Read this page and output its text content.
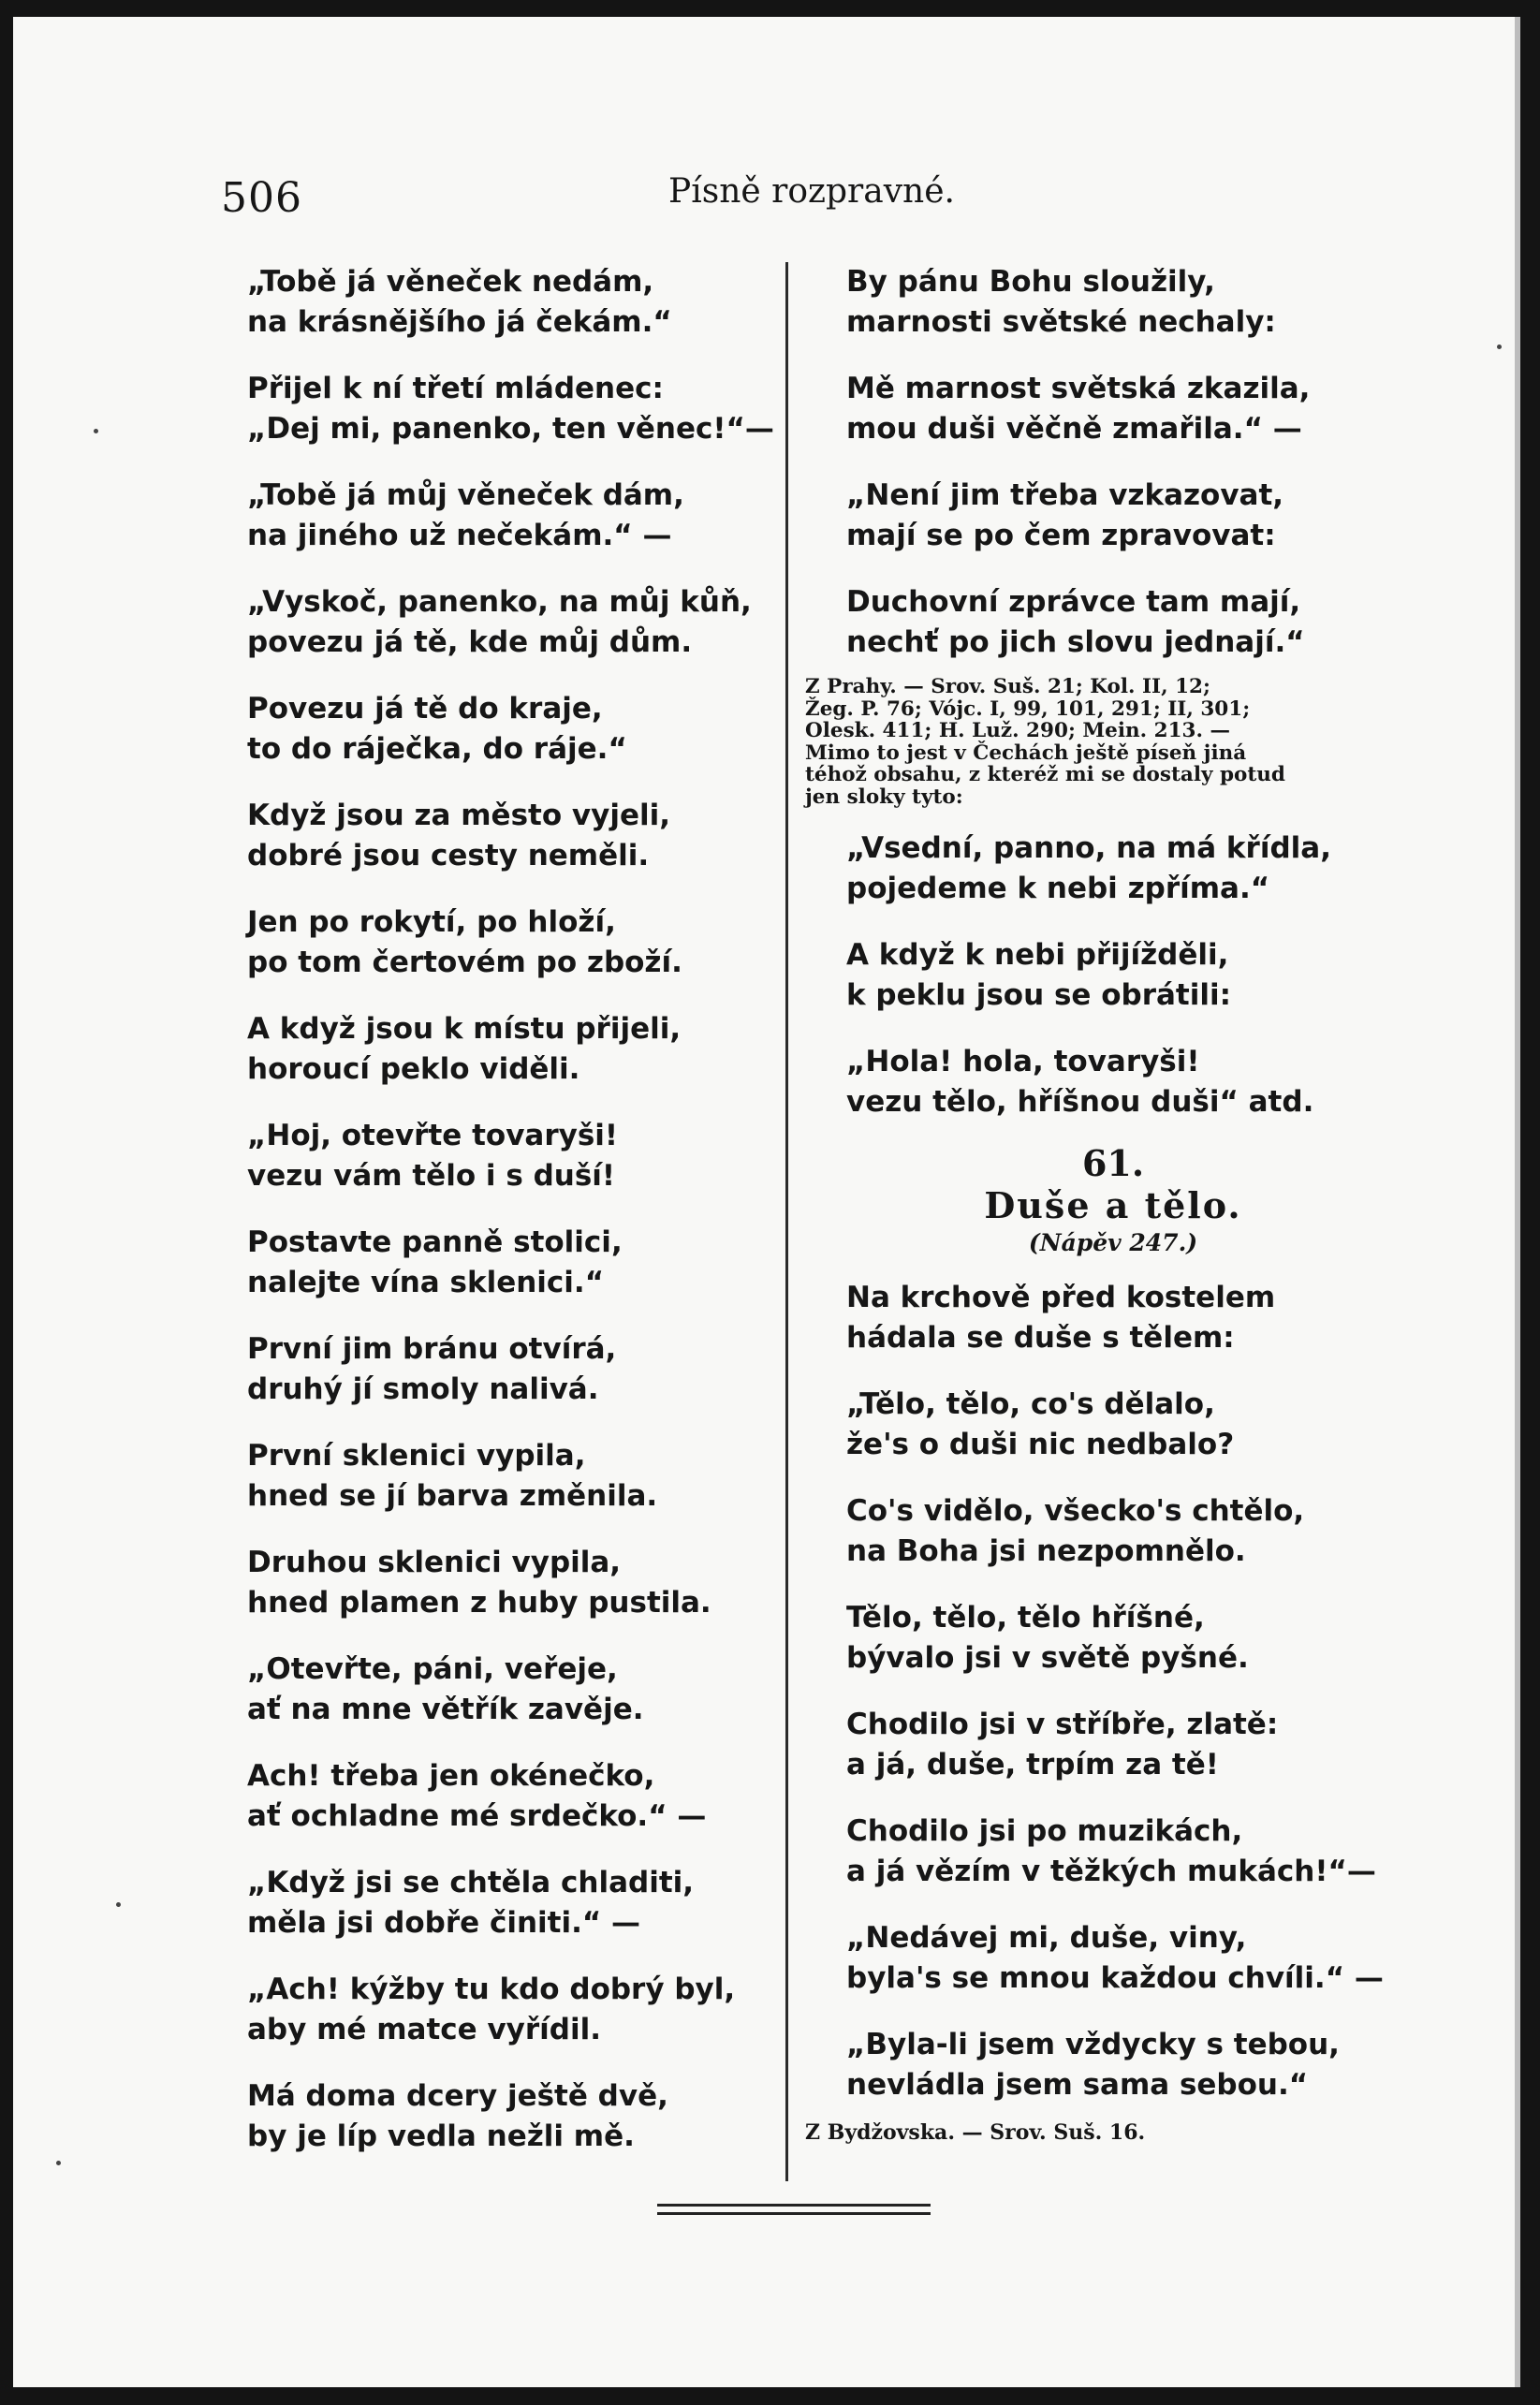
506	Písně rozpravné.
„Tobě já věneček nedám,
na krásnějšího já čekám.“
Přijel k ní třetí mládenec:
„Dej mi, panenko, ten věnec!“—
„Tobě já můj věneček dám,
na jiného už nečekám.“ —
„Vyskoč, panenko, na můj kůň,
povezu já tě, kde můj dům.
Povezu já tě do kraje,
to do ráječka, do ráje.“
Když jsou za město vyjeli,
dobré jsou cesty neměli.
Jen po rokytí, po hloží,
po tom čertovém po zboží.
A když jsou k místu přijeli,
horoucí peklo viděli.
„Hoj, otevřte tovaryši!
vezu vám tělo i s duší!
Postavte panně stolici,
nalejte vína sklenici.“
První jim bránu otvírá,
druhý jí smoly nalivá.
První sklenici vypila,
hned se jí barva změnila.
Druhou sklenici vypila,
hned plamen z huby pustila.
„Otevřte, páni, veřeje,
ať na mne větřík zavěje.
Ach! třeba jen okénečko,
ať ochladne mé srdečko.“ —
„Když jsi se chtěla chladiti,
měla jsi dobře činiti.“ —
„Ach! kýžby tu kdo dobrý byl,
aby mé matce vyřídil.
Má doma dcery ještě dvě,
by je líp vedla nežli mě.
By pánu Bohu sloužily,
marnosti světské nechaly:
Mě marnost světská zkazila,
mou duši věčně zmařila.“ —
„Není jim třeba vzkazovat,
mají se po čem zpravovat:
Duchovní zprávce tam mají,
nechť po jich slovu jednají.“
Z Prahy. — Srov. Suš. 21; Kol. II, 12;
Žeg. P. 76; Vójc. I, 99, 101, 291; II, 301;
Olesk. 411; H. Luž. 290; Mein. 213. —
Mimo to jest v Čechách ještě píseň jiná
téhož obsahu, z kteréž mi se dostaly potud
jen sloky tyto:
„Vsední, panno, na má křídla,
pojedeme k nebi zpříma.“
A když k nebi přijížděli,
k peklu jsou se obrátili:
„Hola! hola, tovaryši!
vezu tělo, hříšnou duši“ atd.
61.
Duše a tělo.
(Nápěv 247.)
Na krchově před kostelem
hádala se duše s tělem:
„Tělo, tělo, co's dělalo,
že's o duši nic nedbalo?
Co's vidělo, všecko's chtělo,
na Boha jsi nezpomnělo.
Tělo, tělo, tělo hříšné,
bývalo jsi v světě pyšné.
Chodilo jsi v stříbře, zlatě:
a já, duše, trpím za tě!
Chodilo jsi po muzikách,
a já vězím v těžkých mukách!“—
„Nedávej mi, duše, viny,
byla's se mnou každou chvíli.“ —
„Byla-li jsem vždycky s tebou,
nevládla jsem sama sebou.“
Z Bydžovska. — Srov. Suš. 16.
